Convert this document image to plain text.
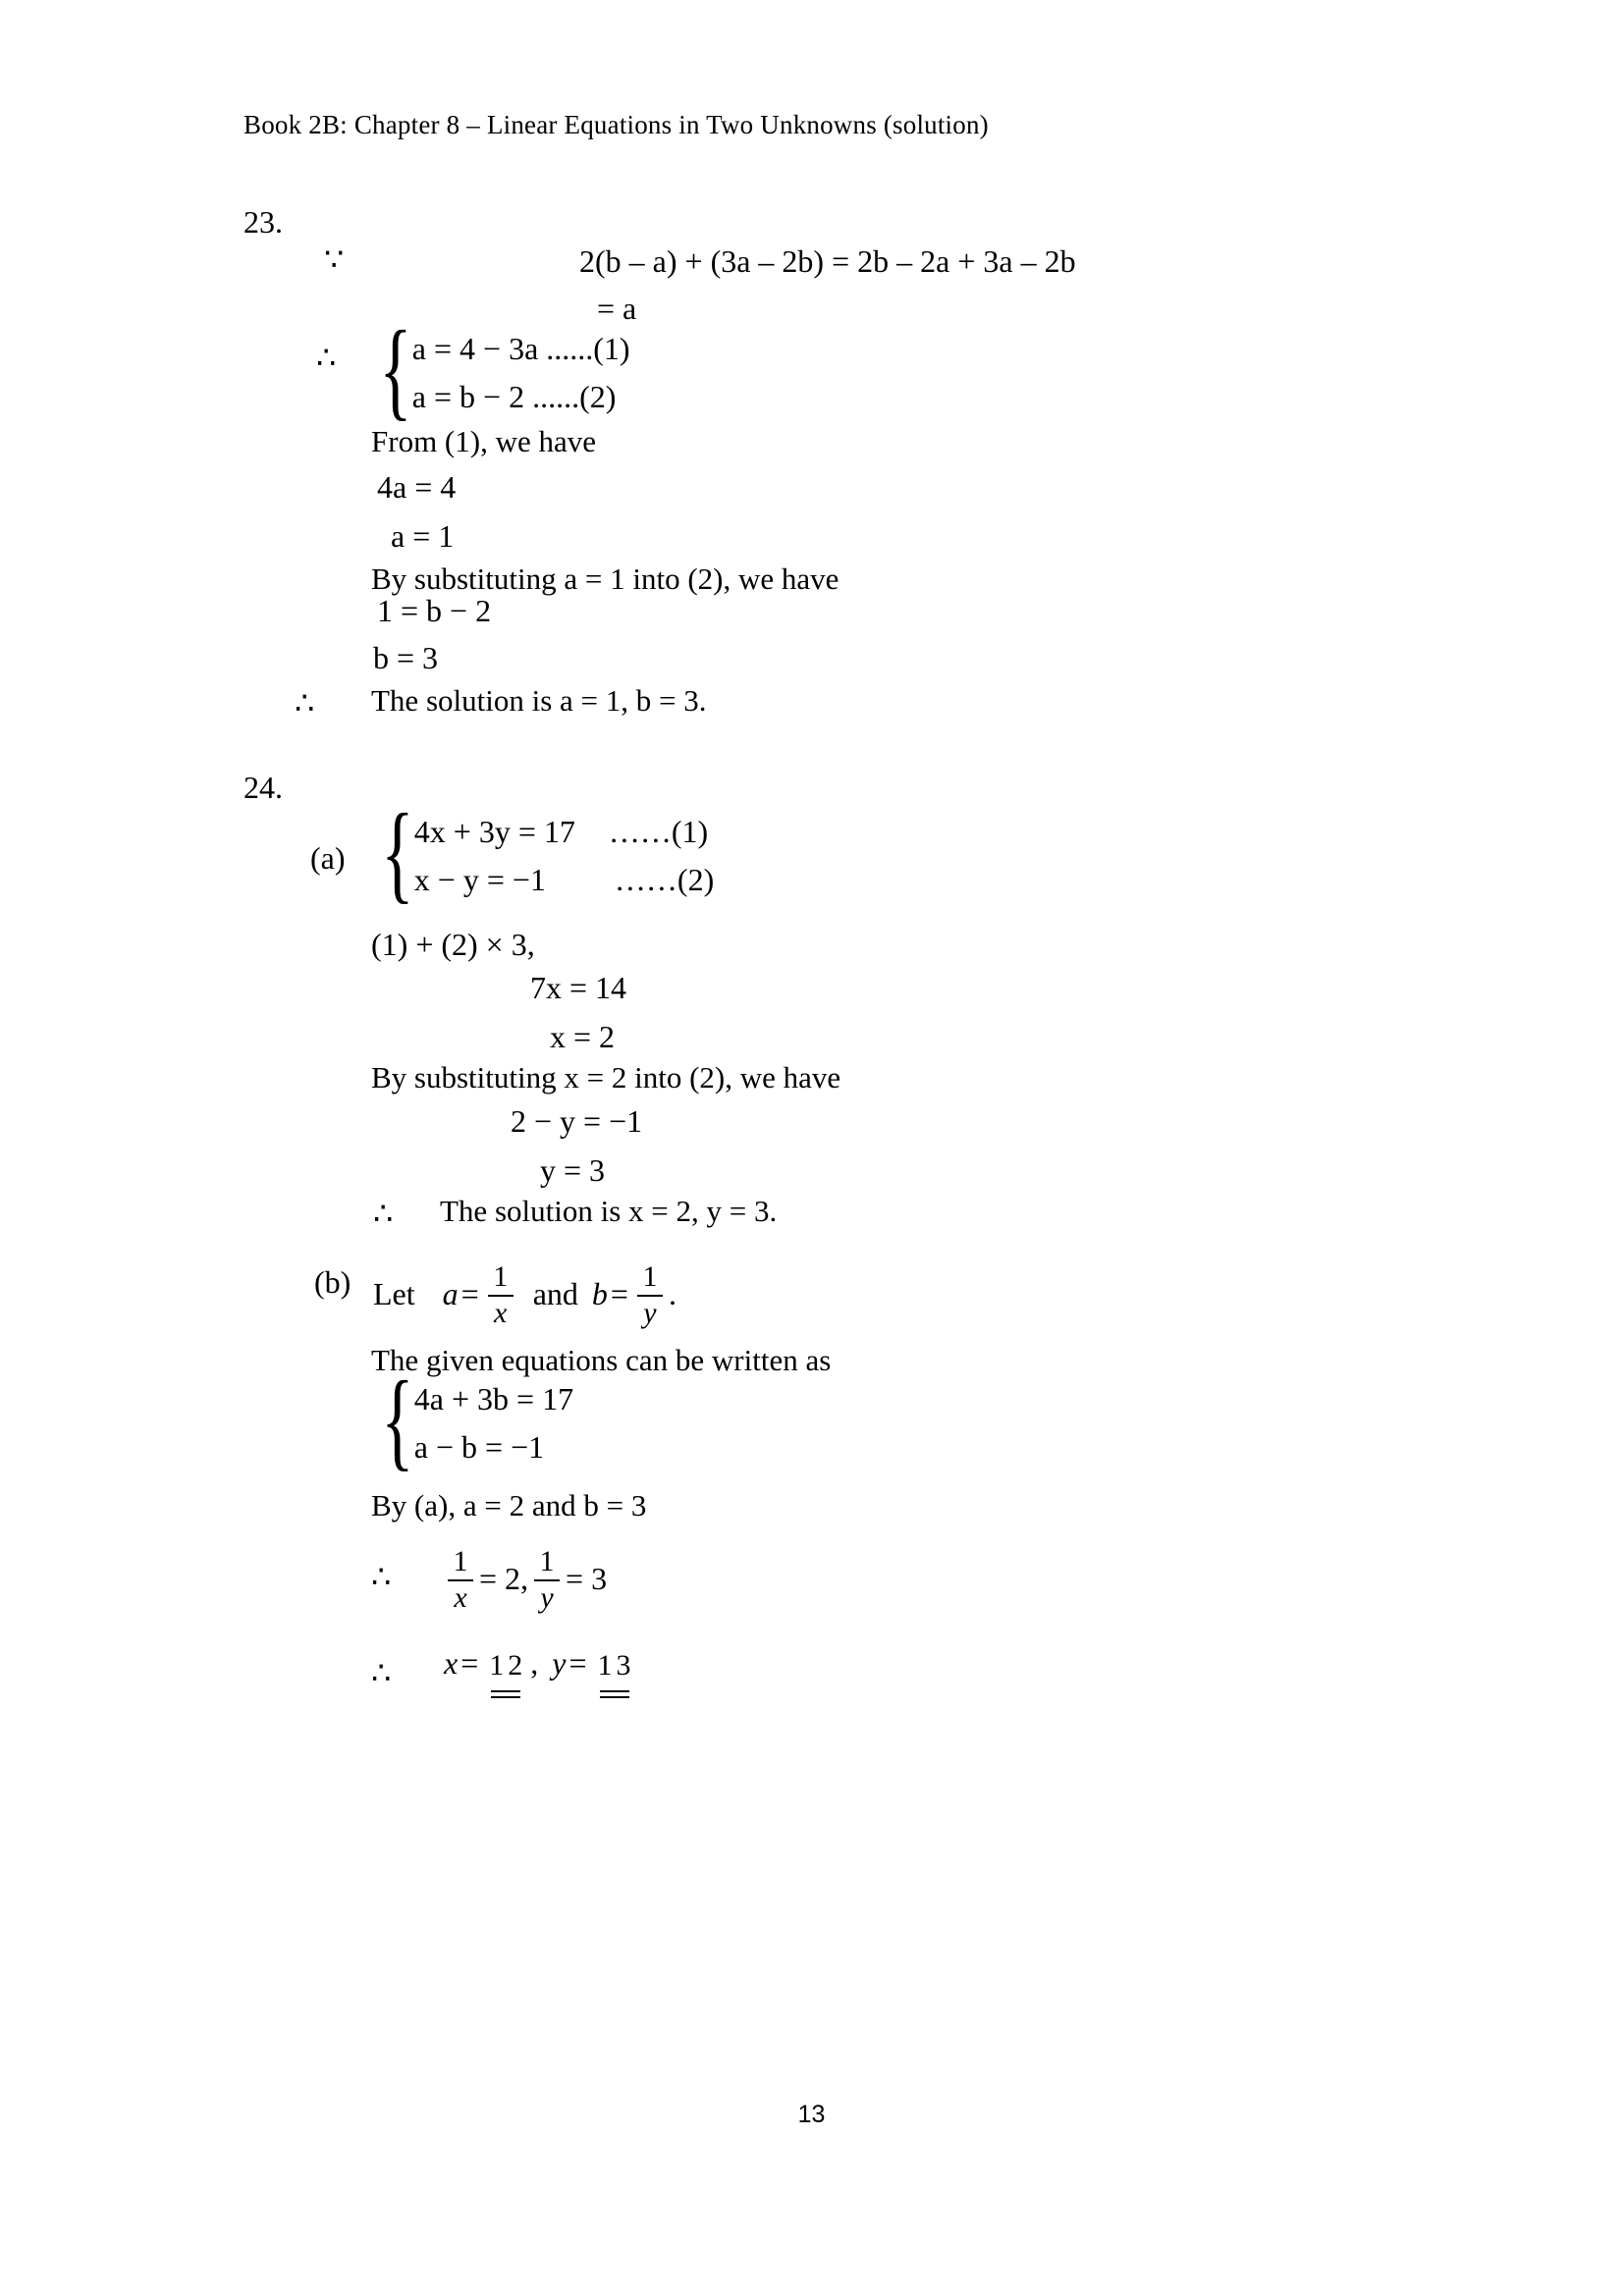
Book 2B: Chapter 8 – Linear Equations in Two Unknowns (solution)
23.
∵	2(b – a) + (3a – 2b) = 2b – 2a + 3a – 2b
= a
∴ { a = 4 − 3a ......(1)
a = b − 2 ......(2)
From (1), we have
4a = 4
a = 1
By substituting a = 1 into (2), we have
1 = b − 2
b = 3
∴ The solution is a = 1, b = 3.
24.
(a) { 4x + 3y = 17 ……(1)
x − y = −1 ……(2)
(1) + (2) × 3,
7x = 14
x = 2
By substituting x = 2 into (2), we have
2 − y = −1
y = 3
∴ The solution is x = 2, y = 3.
(b) Let $a= \frac{1}{x}$ and $b= \frac{1}{y}$ .
The given equations can be written as
{ 4a + 3b = 17
a − b = −1
By (a), a = 2 and b = 3
∴ $\frac{1}{x} = 2$, $\frac{1}{y} = 3$
∴ x= 1 2 , y= 1 3
13
